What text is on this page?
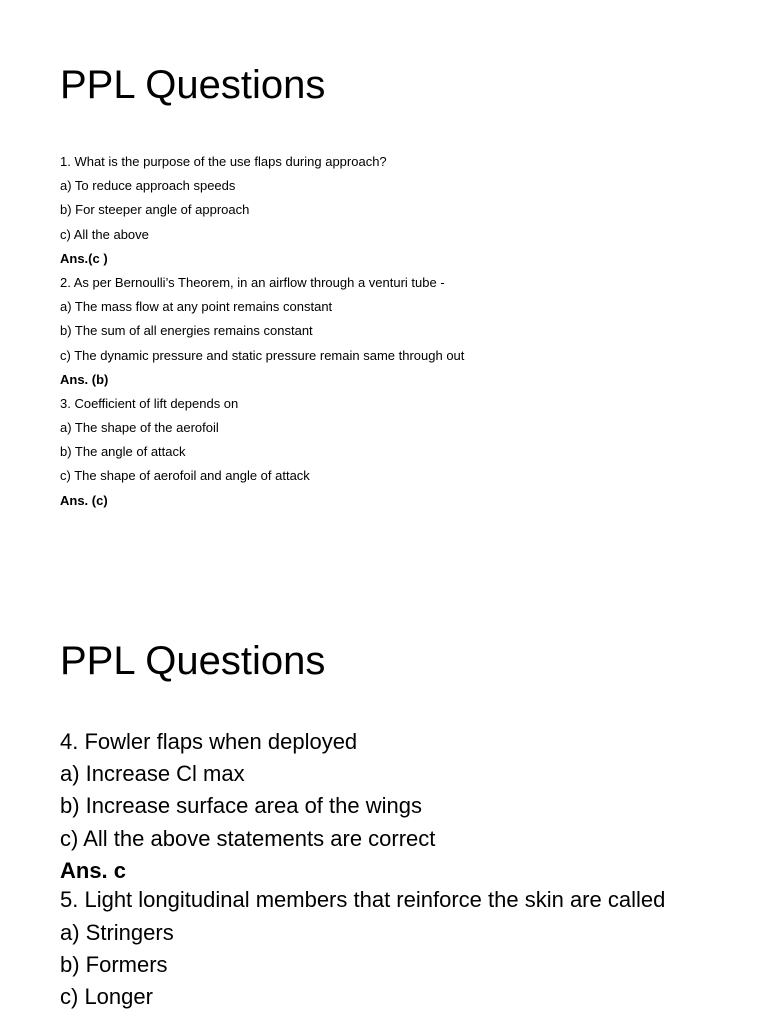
PPL Questions
1. What is the purpose of the use flaps during approach?
a) To reduce approach speeds
b) For steeper angle of approach
c) All the above
Ans.(c )
2. As per Bernoulli’s Theorem, in an airflow through a venturi tube -
a) The mass flow at any point remains constant
b) The sum of all energies remains constant
c) The dynamic pressure and static pressure remain same through out
Ans. (b)
3. Coefficient of lift depends on
a) The shape of the aerofoil
b) The angle of attack
c) The shape of aerofoil and angle of attack
Ans. (c)
PPL Questions
4. Fowler flaps when deployed
a) Increase Cl max
b) Increase surface area of the wings
c) All the above statements are correct
Ans. c
5. Light longitudinal members that reinforce the skin are called
a) Stringers
b) Formers
c) Longer
